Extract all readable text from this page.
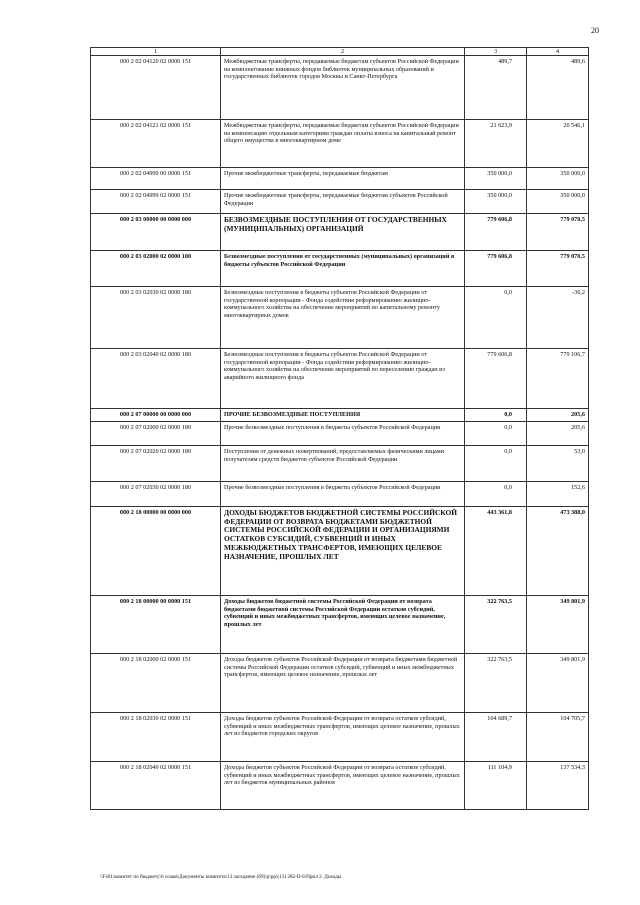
20
1	2	3	4
000 2 02 04120 02 0000 151	Межбюджетные трансферты, передаваемые бюджетам субъектов Российской Федерации на комплектование книжных фондов библиотек муниципальных образований и государственных библиотек городов Москвы и Санкт-Петербурга	489,7	489,6
000 2 02 04121 02 0000 151	Межбюджетные трансферты, передаваемые бюджетам субъектов Российской Федерации на компенсацию отдельным категориям граждан оплаты взноса на капитальный ремонт общего имущества в многоквартирном доме	21 623,9	20 546,1
000 2 02 04999 00 0000 151	Прочие межбюджетные трансферты, передаваемые бюджетам	350 000,0	350 000,0
000 2 02 04999 02 0000 151	Прочие межбюджетные трансферты, передаваемые бюджетам субъектов Российской Федерации	350 000,0	350 000,0
000 2 03 00000 00 0000 000	БЕЗВОЗМЕЗДНЫЕ ПОСТУПЛЕНИЯ ОТ ГОСУДАРСТВЕННЫХ (МУНИЦИПАЛЬНЫХ) ОРГАНИЗАЦИЙ	779 606,8	779 070,5
000 2 03 02000 02 0000 180	Безвозмездные поступления от государственных (муниципальных) организаций в бюджеты субъектов Российской Федерации	779 606,8	779 070,5
000 2 03 02030 02 0000 180	Безвозмездные поступления в бюджеты субъектов Российской Федерации от государственной корпорации - Фонда содействия реформированию жилищно-коммунального хозяйства на обеспечение мероприятий по капитальному ремонту многоквартирных домов	0,0	-36,2
000 2 03 02040 02 0000 180	Безвозмездные поступления в бюджеты субъектов Российской Федерации от государственной корпорации - Фонда содействия реформированию жилищно-коммунального хозяйства на обеспечение мероприятий по переселению граждан из аварийного жилищного фонда	779 606,8	779 106,7
000 2 07 00000 00 0000 000	ПРОЧИЕ БЕЗВОЗМЕЗДНЫЕ ПОСТУПЛЕНИЯ	0,0	205,6
000 2 07 02000 02 0000 180	Прочие безвозмездные поступления в бюджеты субъектов Российской Федерации	0,0	205,6
000 2 07 02020 02 0000 180	Поступления от денежных пожертвований, предоставляемых физическими лицами получателям средств бюджетов субъектов Российской Федерации	0,0	53,0
000 2 07 02030 02 0000 180	Прочие безвозмездные поступления в бюджеты субъектов Российской Федерации	0,0	152,6
000 2 18 00000 00 0000 000	ДОХОДЫ БЮДЖЕТОВ БЮДЖЕТНОЙ СИСТЕМЫ РОССИЙСКОЙ ФЕДЕРАЦИИ ОТ ВОЗВРАТА БЮДЖЕТАМИ БЮДЖЕТНОЙ СИСТЕМЫ РОССИЙСКОЙ ФЕДЕРАЦИИ И ОРГАНИЗАЦИЯМИ ОСТАТКОВ СУБСИДИЙ, СУБВЕНЦИЙ И ИНЫХ МЕЖБЮДЖЕТНЫХ ТРАНСФЕРТОВ, ИМЕЮЩИХ ЦЕЛЕВОЕ НАЗНАЧЕНИЕ, ПРОШЛЫХ ЛЕТ	443 361,8	473 388,0
000 2 18 00000 00 0000 151	Доходы бюджетов бюджетной системы Российской Федерации от возврата бюджетами бюджетной системы Российской Федерации остатков субсидий, субвенций и иных межбюджетных трансфертов, имеющих целевое назначение, прошлых лет	322 763,5	349 801,9
000 2 18 02000 02 0000 151	Доходы бюджетов субъектов Российской Федерации от возврата бюджетами бюджетной системы Российской Федерации остатков субсидий, субвенций и иных межбюджетных трансфертов, имеющих целевое назначение, прошлых лет	322 763,5	349 801,9
000 2 18 02030 02 0000 151	Доходы бюджетов субъектов Российской Федерации от возврата остатков субсидий, субвенций и иных межбюджетных трансфертов, имеющих целевое назначение, прошлых лет из бюджетов городских округов	104 689,7	104 705,7
000 2 18 02040 02 0000 151	Доходы бюджетов субъектов Российской Федерации от возврата остатков субсидий, субвенций и иных межбюджетных трансфертов, имеющих целевое назначение, прошлых лет из бюджетов муниципальных районов	111 104,9	137 534,3
\\Fs01\комитет по бюджету\6 созыв\Документы комитета\13 заседание (69)\р\рр\(13) 282-II-6\Прил 2. Доходы
